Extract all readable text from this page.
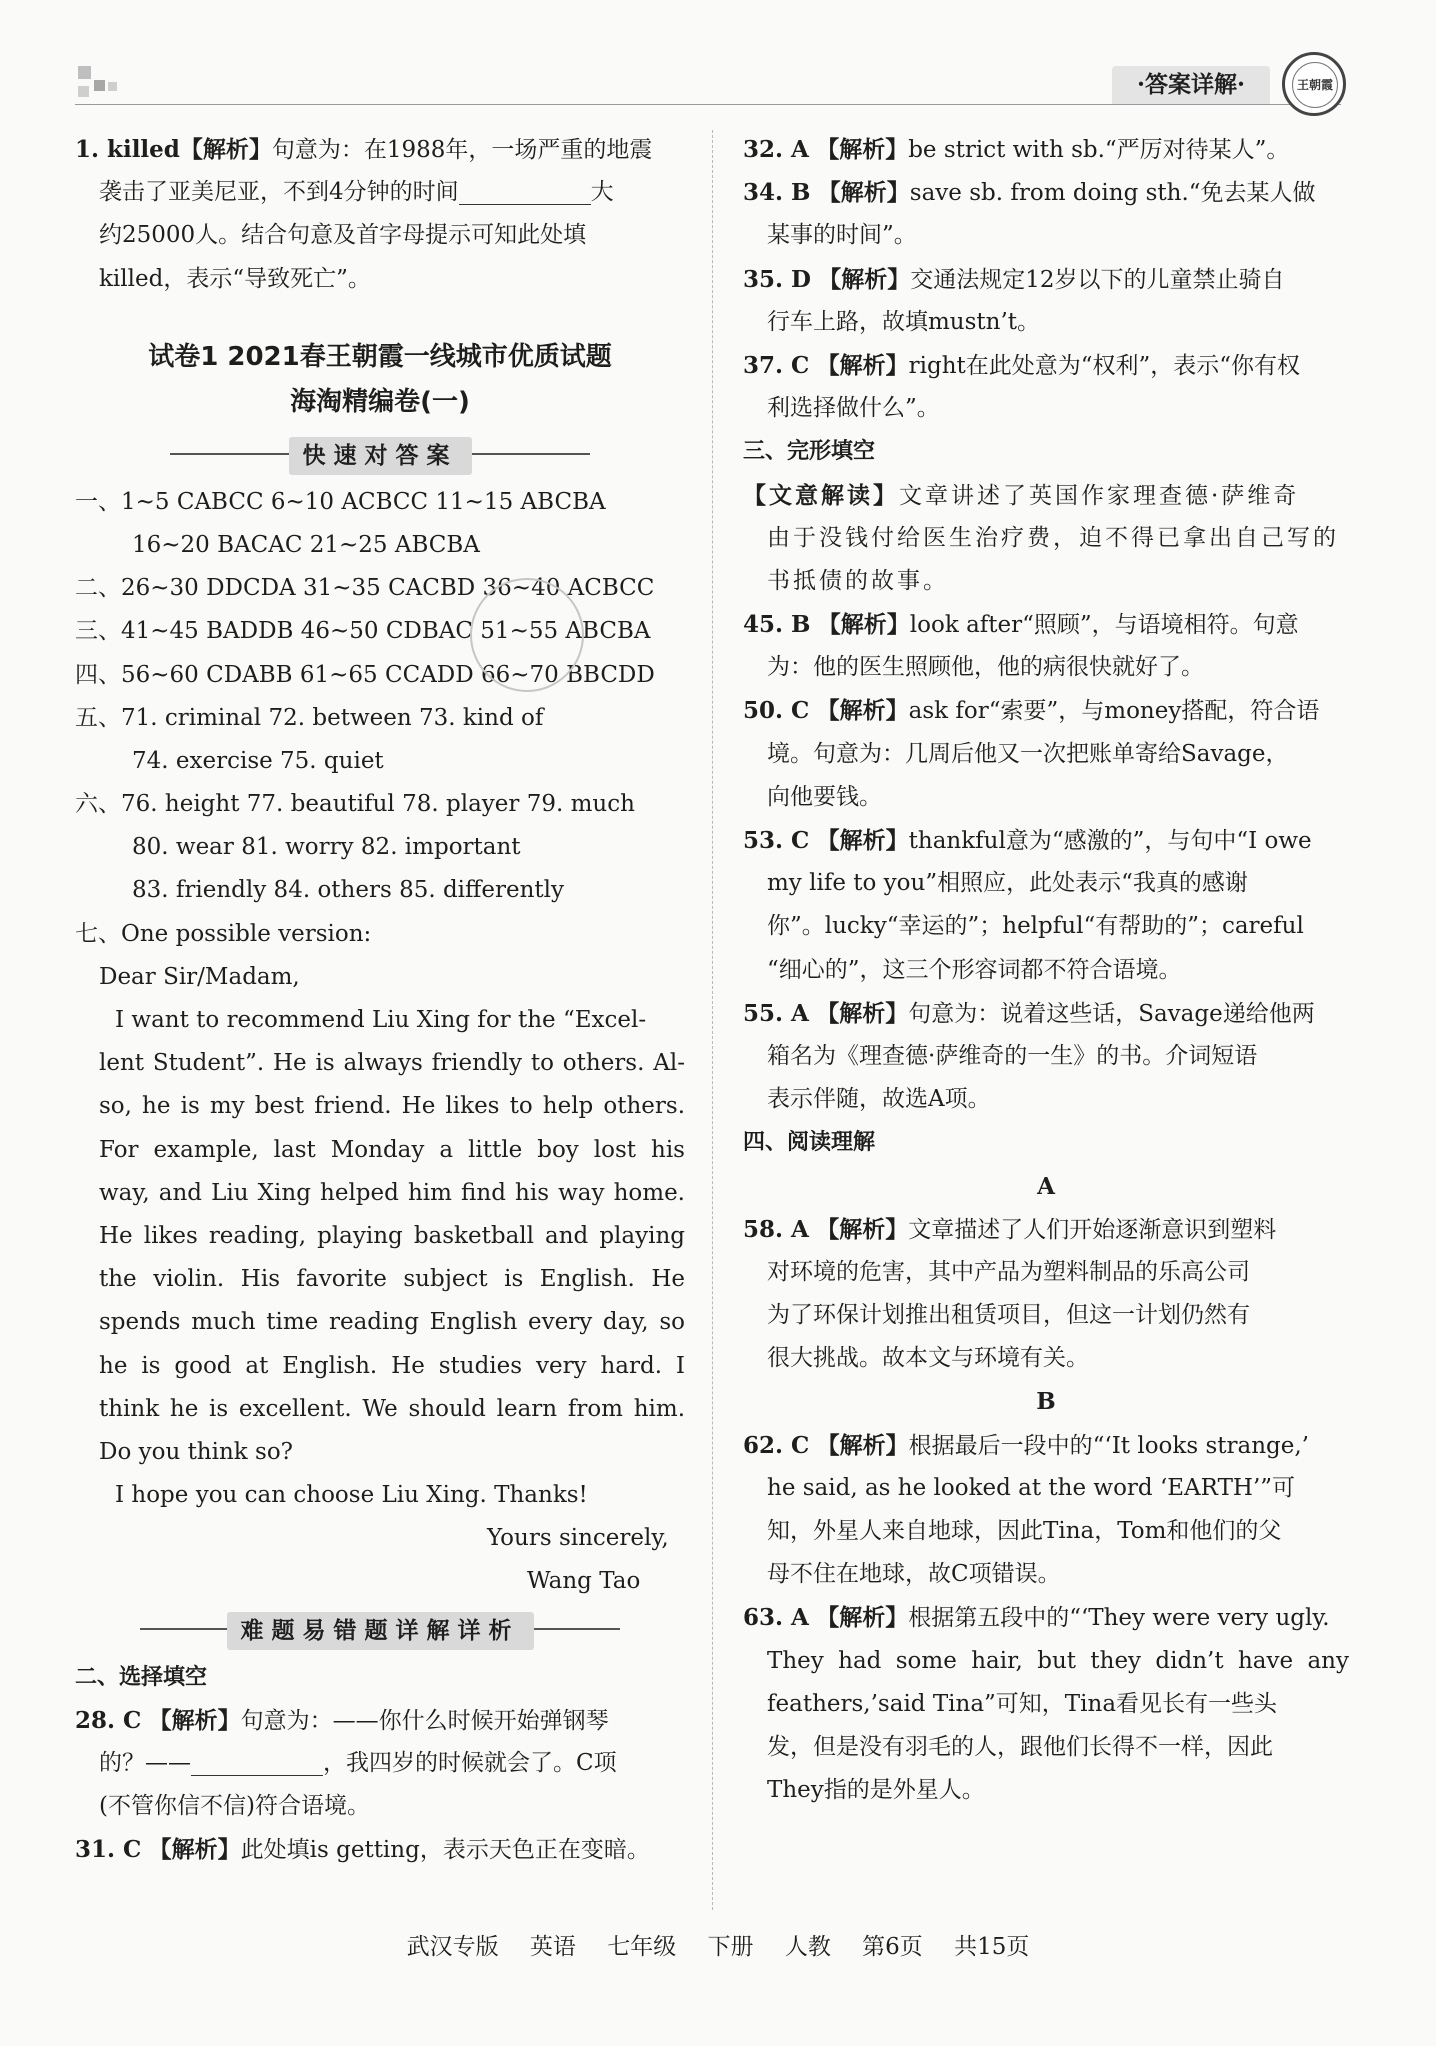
·答案详解·	王朝霞
1. killed【解析】句意为：在1988年，一场严重的地震
袭击了亚美尼亚，不到4分钟的时间	大
约25000人。结合句意及首字母提示可知此处填
killed，表示“导致死亡”。
试卷1 2021春王朝霞一线城市优质试题
海淘精编卷(一)
快速对答案
一、1~5 CABCC 6~10 ACBCC 11~15 ABCBA
16~20 BACAC 21~25 ABCBA
二、26~30 DDCDA 31~35 CACBD 36~40 ACBCC
三、41~45 BADDB 46~50 CDBAC 51~55 ABCBA
四、56~60 CDABB 61~65 CCADD 66~70 BBCDD
五、71. criminal 72. between 73. kind of
74. exercise 75. quiet
六、76. height 77. beautiful 78. player 79. much
80. wear 81. worry 82. important
83. friendly 84. others 85. differently
七、One possible version:
Dear Sir/Madam,
I want to recommend Liu Xing for the “Excel-
lent Student”. He is always friendly to others. Al-
so, he is my best friend. He likes to help others.
For example, last Monday a little boy lost his
way, and Liu Xing helped him find his way home.
He likes reading, playing basketball and playing
the violin. His favorite subject is English. He
spends much time reading English every day, so
he is good at English. He studies very hard. I
think he is excellent. We should learn from him.
Do you think so?
I hope you can choose Liu Xing. Thanks!
Yours sincerely,
Wang Tao
难题易错题详解详析
二、选择填空
28. C 【解析】句意为：——你什么时候开始弹钢琴
的？——	，我四岁的时候就会了。C项
(不管你信不信)符合语境。
31. C 【解析】此处填is getting，表示天色正在变暗。
32. A 【解析】be strict with sb.“严厉对待某人”。
34. B 【解析】save sb. from doing sth.“免去某人做
某事的时间”。
35. D 【解析】交通法规定12岁以下的儿童禁止骑自
行车上路，故填mustn’t。
37. C 【解析】right在此处意为“权利”，表示“你有权
利选择做什么”。
三、完形填空
【文意解读】文章讲述了英国作家理查德·萨维奇
由于没钱付给医生治疗费，迫不得已拿出自己写的
书抵债的故事。
45. B 【解析】look after“照顾”，与语境相符。句意
为：他的医生照顾他，他的病很快就好了。
50. C 【解析】ask for“索要”，与money搭配，符合语
境。句意为：几周后他又一次把账单寄给Savage，
向他要钱。
53. C 【解析】thankful意为“感激的”，与句中“I owe
my life to you”相照应，此处表示“我真的感谢
你”。lucky“幸运的”；helpful“有帮助的”；careful
“细心的”，这三个形容词都不符合语境。
55. A 【解析】句意为：说着这些话，Savage递给他两
箱名为《理查德·萨维奇的一生》的书。介词短语
表示伴随，故选A项。
四、阅读理解
A
58. A 【解析】文章描述了人们开始逐渐意识到塑料
对环境的危害，其中产品为塑料制品的乐高公司
为了环保计划推出租赁项目，但这一计划仍然有
很大挑战。故本文与环境有关。
B
62. C 【解析】根据最后一段中的“‘It looks strange,’
he said, as he looked at the word ‘EARTH’”可
知，外星人来自地球，因此Tina，Tom和他们的父
母不住在地球，故C项错误。
63. A 【解析】根据第五段中的“‘They were very ugly.
They had some hair, but they didn’t have any
feathers,’said Tina”可知，Tina看见长有一些头
发，但是没有羽毛的人，跟他们长得不一样，因此
They指的是外星人。
武汉专版 英语 七年级 下册 人教 第6页 共15页
